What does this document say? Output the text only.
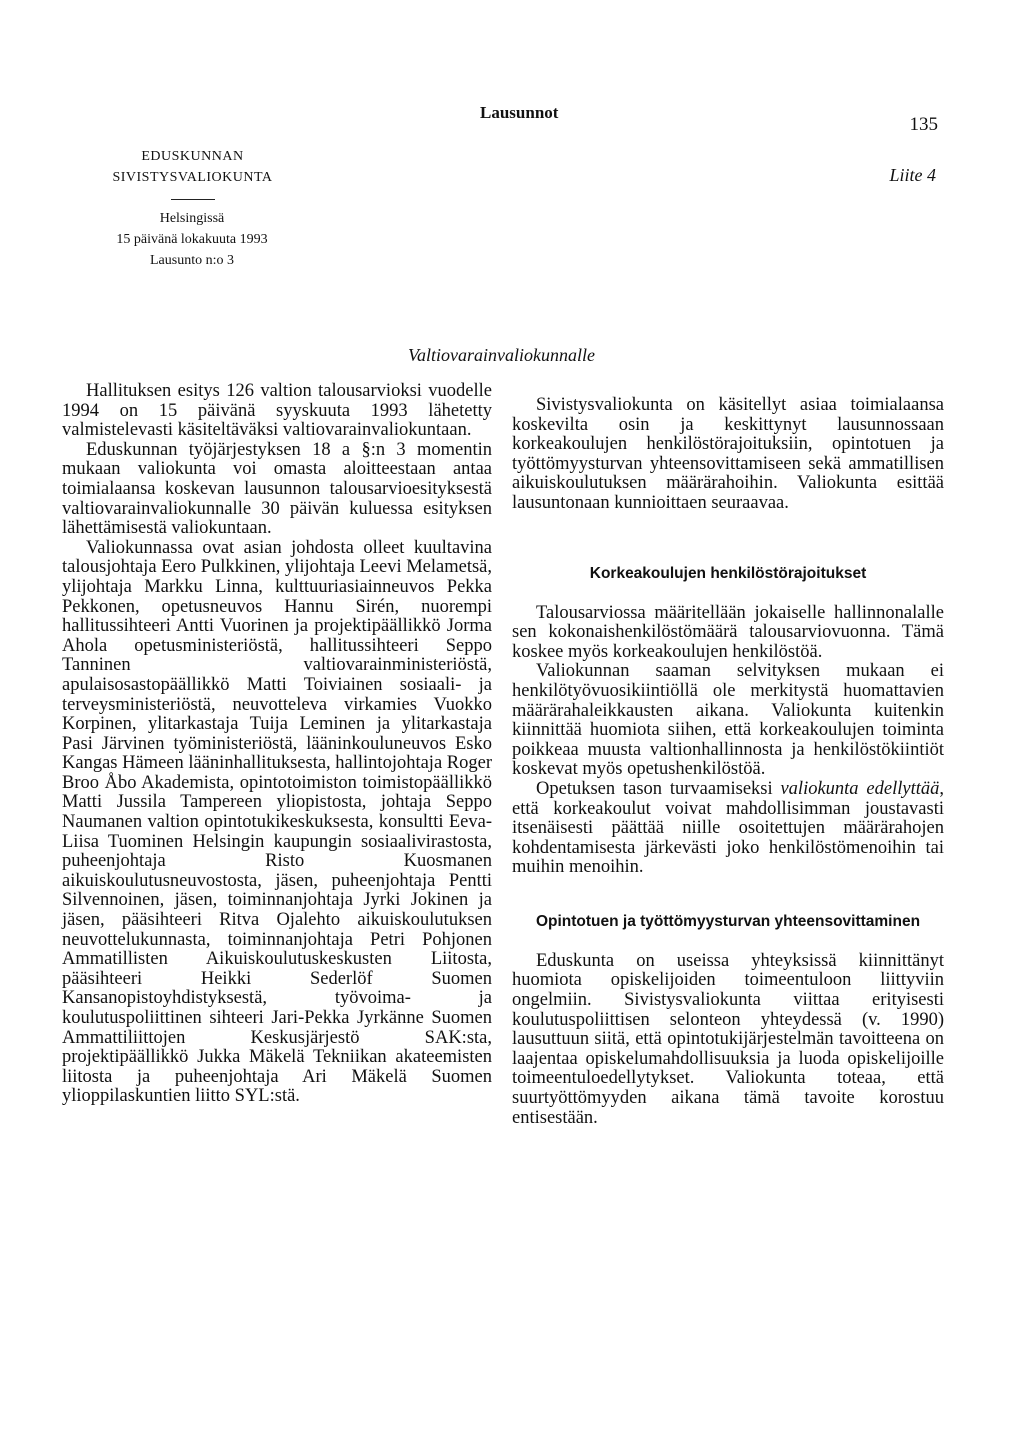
Lausunnot
135
Liite 4
EDUSKUNNAN
SIVISTYSVALIOKUNTA
Helsingissä
15 päivänä lokakuuta 1993
Lausunto n:o 3
Valtiovarainvaliokunnalle

Hallituksen esitys 126 valtion talousarvioksi vuodelle 1994 on 15 päivänä syyskuuta 1993 lähetetty valmistelevasti käsiteltäväksi valtiovarainvaliokuntaan.

Eduskunnan työjärjestyksen 18 a §:n 3 momentin mukaan valiokunta voi omasta aloitteestaan antaa toimialaansa koskevan lausunnon talousarvioesityksestä valtiovarainvaliokunnalle 30 päivän kuluessa esityksen lähettämisestä valiokuntaan.

Valiokunnassa ovat asian johdosta olleet kuultavina talousjohtaja Eero Pulkkinen, ylijohtaja Leevi Melametsä, ylijohtaja Markku Linna, kulttuuriasiainneuvos Pekka Pekkonen, opetusneuvos Hannu Sirén, nuorempi hallitussihteeri Antti Vuorinen ja projektipäällikkö Jorma Ahola opetusministeriöstä, hallitussihteeri Seppo Tanninen valtiovarainministeriöstä, apulaisosastopäällikkö Matti Toiviainen sosiaali- ja terveysministeriöstä, neuvotteleva virkamies Vuokko Korpinen, ylitarkastaja Tuija Leminen ja ylitarkastaja Pasi Järvinen työministeriöstä, lääninkouluneuvos Esko Kangas Hämeen lääninhallituksesta, hallintojohtaja Roger Broo Åbo Akademista, opintotoimiston toimistopäällikkö Matti Jussila Tampereen yliopistosta, johtaja Seppo Naumanen valtion opintotukikeskuksesta, konsultti Eeva-Liisa Tuominen Helsingin kaupungin sosiaalivirastosta, puheenjohtaja Risto Kuosmanen aikuiskoulutusneuvostosta, jäsen, puheenjohtaja Pentti Silvennoinen, jäsen, toiminnanjohtaja Jyrki Jokinen ja jäsen, pääsihteeri Ritva Ojalehto aikuiskoulutuksen neuvottelukunnasta, toiminnanjohtaja Petri Pohjonen Ammatillisten Aikuiskoulutuskeskusten Liitosta, pääsihteeri Heikki Sederlöf Suomen Kansanopistoyhdistyksestä, työvoima- ja koulutuspoliittinen sihteeri Jari-Pekka Jyrkänne Suomen Ammattiliittojen Keskusjärjestö SAK:sta, projektipäällikkö Jukka Mäkelä Tekniikan akateemisten liitosta ja puheenjohtaja Ari Mäkelä Suomen ylioppilaskuntien liitto SYL:stä.

Sivistysvaliokunta on käsitellyt asiaa toimialaansa koskevilta osin ja keskittynyt lausunnossaan korkeakoulujen henkilöstörajoituksiin, opintotuen ja työttömyysturvan yhteensovittamiseen sekä ammatillisen aikuiskoulutuksen määrärahoihin. Valiokunta esittää lausuntonaan kunnioittaen seuraavaa.

Korkeakoulujen henkilöstörajoitukset

Talousarviossa määritellään jokaiselle hallinnonalalle sen kokonaishenkilöstömäärä talousarviovuonna. Tämä koskee myös korkeakoulujen henkilöstöä.

Valiokunnan saaman selvityksen mukaan ei henkilötyövuosikiintiöllä ole merkitystä huomattavien määrärahaleikkausten aikana. Valiokunta kuitenkin kiinnittää huomiota siihen, että korkeakoulujen toiminta poikkeaa muusta valtionhallinnosta ja henkilöstökiintiöt koskevat myös opetushenkilöstöä.

Opetuksen tason turvaamiseksi valiokunta edellyttää, että korkeakoulut voivat mahdollisimman joustavasti itsenäisesti päättää niille osoitettujen määrärahojen kohdentamisesta järkevästi joko henkilöstömenoihin tai muihin menoihin.

Opintotuen ja työttömyysturvan yhteensovittaminen

Eduskunta on useissa yhteyksissä kiinnittänyt huomiota opiskelijoiden toimeentuloon liittyviin ongelmiin. Sivistysvaliokunta viittaa erityisesti koulutuspoliittisen selonteon yhteydessä (v. 1990) lausuttuun siitä, että opintotukijärjestelmän tavoitteena on laajentaa opiskelumahdollisuuksia ja luoda opiskelijoille toimeentuloedellytykset. Valiokunta toteaa, että suurtyöttömyyden aikana tämä tavoite korostuu entisestään.
